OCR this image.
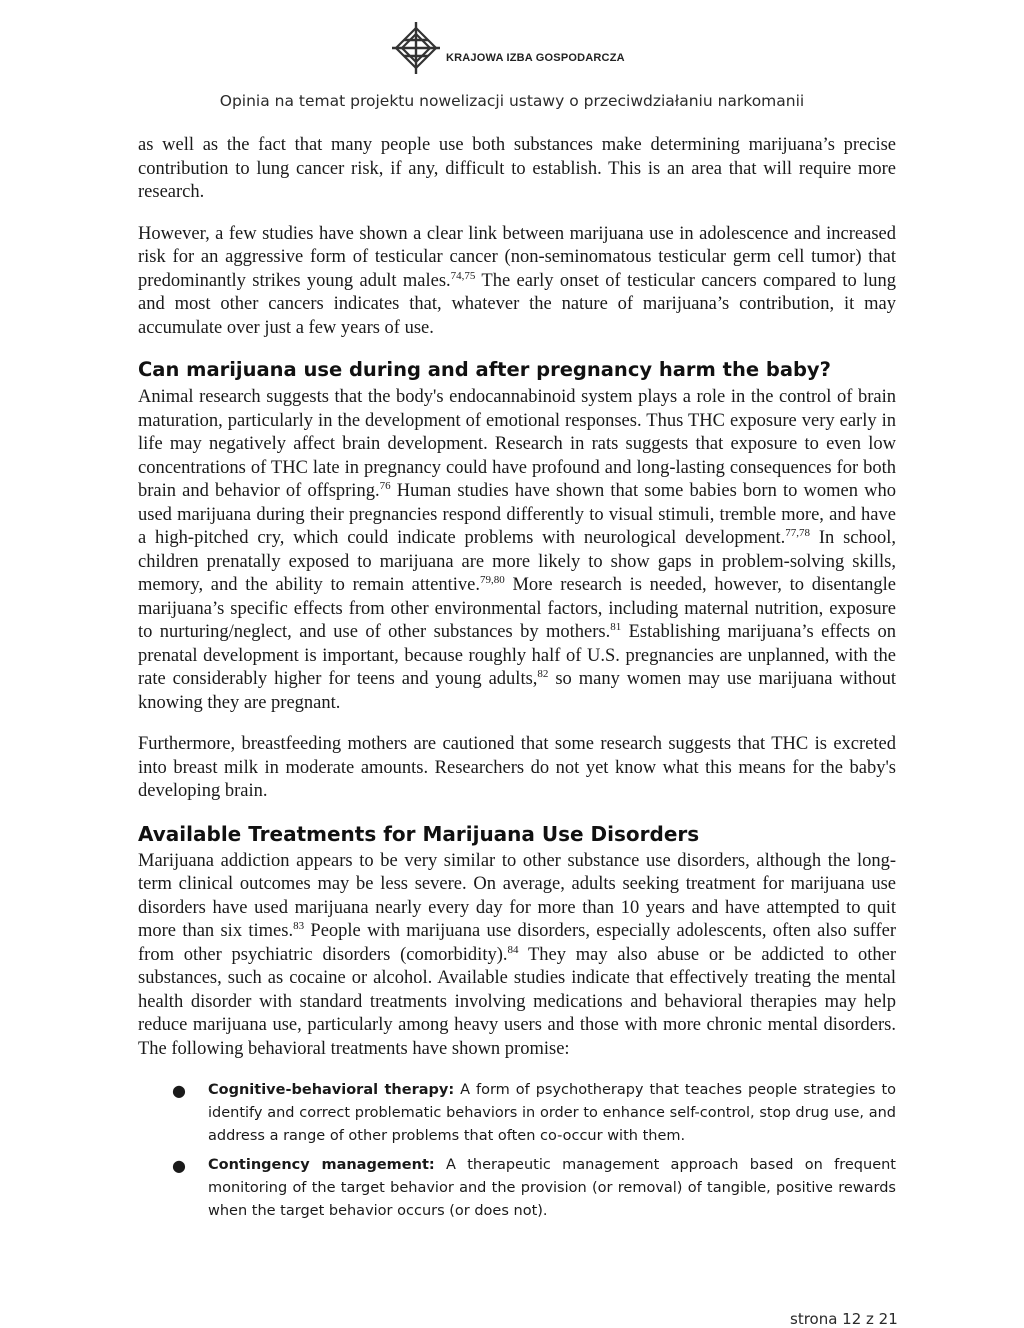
KRAJOWA IZBA GOSPODARCZA
Opinia na temat projektu nowelizacji ustawy o przeciwdziałaniu narkomanii

as well as the fact that many people use both substances make determining marijuana’s precise contribution to lung cancer risk, if any, difficult to establish. This is an area that will require more research.

However, a few studies have shown a clear link between marijuana use in adolescence and increased risk for an aggressive form of testicular cancer (non-seminomatous testicular germ cell tumor) that predominantly strikes young adult males.$^{74,75}$ The early onset of testicular cancers compared to lung and most other cancers indicates that, whatever the nature of marijuana’s contribution, it may accumulate over just a few years of use.

Can marijuana use during and after pregnancy harm the baby?

Animal research suggests that the body's endocannabinoid system plays a role in the control of brain maturation, particularly in the development of emotional responses. Thus THC exposure very early in life may negatively affect brain development. Research in rats suggests that exposure to even low concentrations of THC late in pregnancy could have profound and long-lasting consequences for both brain and behavior of offspring.$^{76}$ Human studies have shown that some babies born to women who used marijuana during their pregnancies respond differently to visual stimuli, tremble more, and have a high-pitched cry, which could indicate problems with neurological development.$^{77,78}$ In school, children prenatally exposed to marijuana are more likely to show gaps in problem-solving skills, memory, and the ability to remain attentive.$^{79,80}$ More research is needed, however, to disentangle marijuana’s specific effects from other environmental factors, including maternal nutrition, exposure to nurturing/neglect, and use of other substances by mothers.$^{81}$ Establishing marijuana’s effects on prenatal development is important, because roughly half of U.S. pregnancies are unplanned, with the rate considerably higher for teens and young adults,$^{82}$ so many women may use marijuana without knowing they are pregnant.

Furthermore, breastfeeding mothers are cautioned that some research suggests that THC is excreted into breast milk in moderate amounts. Researchers do not yet know what this means for the baby's developing brain.

Available Treatments for Marijuana Use Disorders

Marijuana addiction appears to be very similar to other substance use disorders, although the long-term clinical outcomes may be less severe. On average, adults seeking treatment for marijuana use disorders have used marijuana nearly every day for more than 10 years and have attempted to quit more than six times.$^{83}$ People with marijuana use disorders, especially adolescents, often also suffer from other psychiatric disorders (comorbidity).$^{84}$ They may also abuse or be addicted to other substances, such as cocaine or alcohol. Available studies indicate that effectively treating the mental health disorder with standard treatments involving medications and behavioral therapies may help reduce marijuana use, particularly among heavy users and those with more chronic mental disorders. The following behavioral treatments have shown promise:

● Cognitive-behavioral therapy: A form of psychotherapy that teaches people strategies to identify and correct problematic behaviors in order to enhance self-control, stop drug use, and address a range of other problems that often co-occur with them.
● Contingency management: A therapeutic management approach based on frequent monitoring of the target behavior and the provision (or removal) of tangible, positive rewards when the target behavior occurs (or does not).
strona 12 z 21
